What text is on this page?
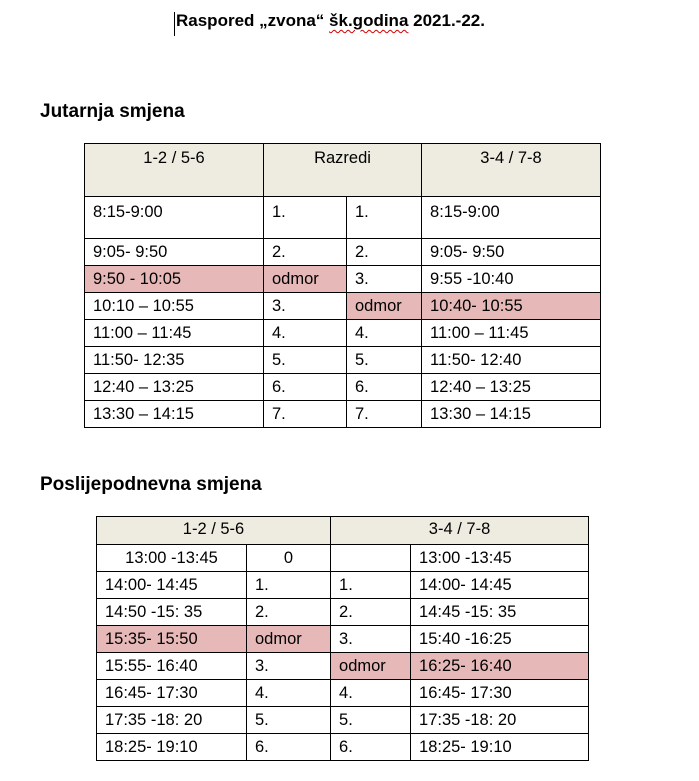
Raspored „zvona“ šk.godina 2021.-22.
Jutarnja smjena
1-2 / 5-6	Razredi		3-4 / 7-8
8:15-9:00	1.	1.	8:15-9:00
9:05- 9:50	2.	2.	9:05- 9:50
9:50 - 10:05	odmor	3.	9:55 -10:40
10:10 – 10:55	3.	odmor	10:40- 10:55
11:00 – 11:45	4.	4.	11:00 – 11:45
11:50- 12:35	5.	5.	11:50- 12:40
12:40 – 13:25	6.	6.	12:40 – 13:25
13:30 – 14:15	7.	7.	13:30 – 14:15
Poslijepodnevna smjena
1-2 / 5-6		3-4 / 7-8	
13:00 -13:45	0		13:00 -13:45
14:00- 14:45	1.	1.	14:00- 14:45
14:50 -15: 35	2.	2.	14:45 -15: 35
15:35- 15:50	odmor	3.	15:40 -16:25
15:55- 16:40	3.	odmor	16:25- 16:40
16:45- 17:30	4.	4.	16:45- 17:30
17:35 -18: 20	5.	5.	17:35 -18: 20
18:25- 19:10	6.	6.	18:25- 19:10
